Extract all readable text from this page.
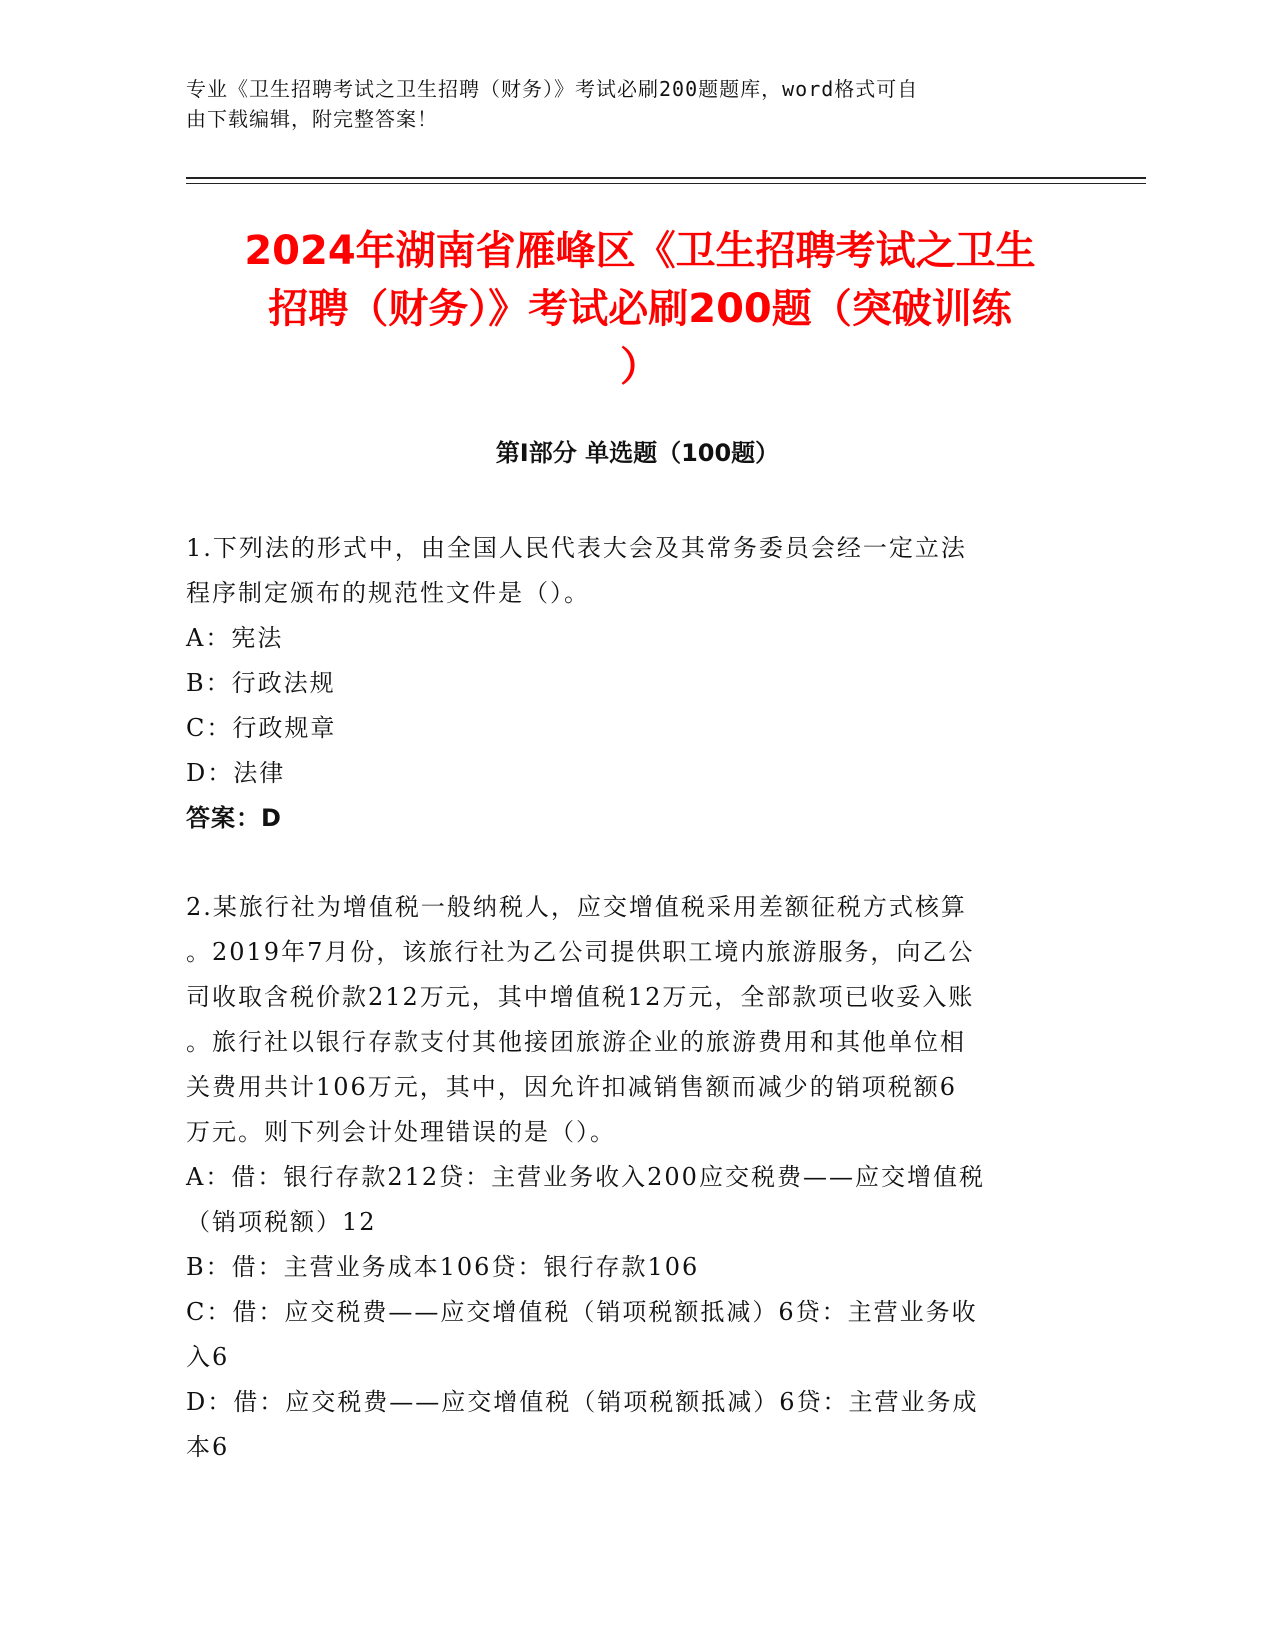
专业《卫生招聘考试之卫生招聘（财务）》考试必刷200题题库，word格式可自
由下载编辑，附完整答案！
2024年湖南省雁峰区《卫生招聘考试之卫生
招聘（财务）》考试必刷200题（突破训练
）
第I部分 单选题（100题）
1.下列法的形式中，由全国人民代表大会及其常务委员会经一定立法
程序制定颁布的规范性文件是（）。
A：宪法
B：行政法规
C：行政规章
D：法律
答案：D
2.某旅行社为增值税一般纳税人，应交增值税采用差额征税方式核算
。2019年7月份，该旅行社为乙公司提供职工境内旅游服务，向乙公
司收取含税价款212万元，其中增值税12万元，全部款项已收妥入账
。旅行社以银行存款支付其他接团旅游企业的旅游费用和其他单位相
关费用共计106万元，其中，因允许扣减销售额而减少的销项税额6
万元。则下列会计处理错误的是（）。
A：借：银行存款212贷：主营业务收入200应交税费——应交增值税
（销项税额）12
B：借：主营业务成本106贷：银行存款106
C：借：应交税费——应交增值税（销项税额抵减）6贷：主营业务收
入6
D：借：应交税费——应交增值税（销项税额抵减）6贷：主营业务成
本6
